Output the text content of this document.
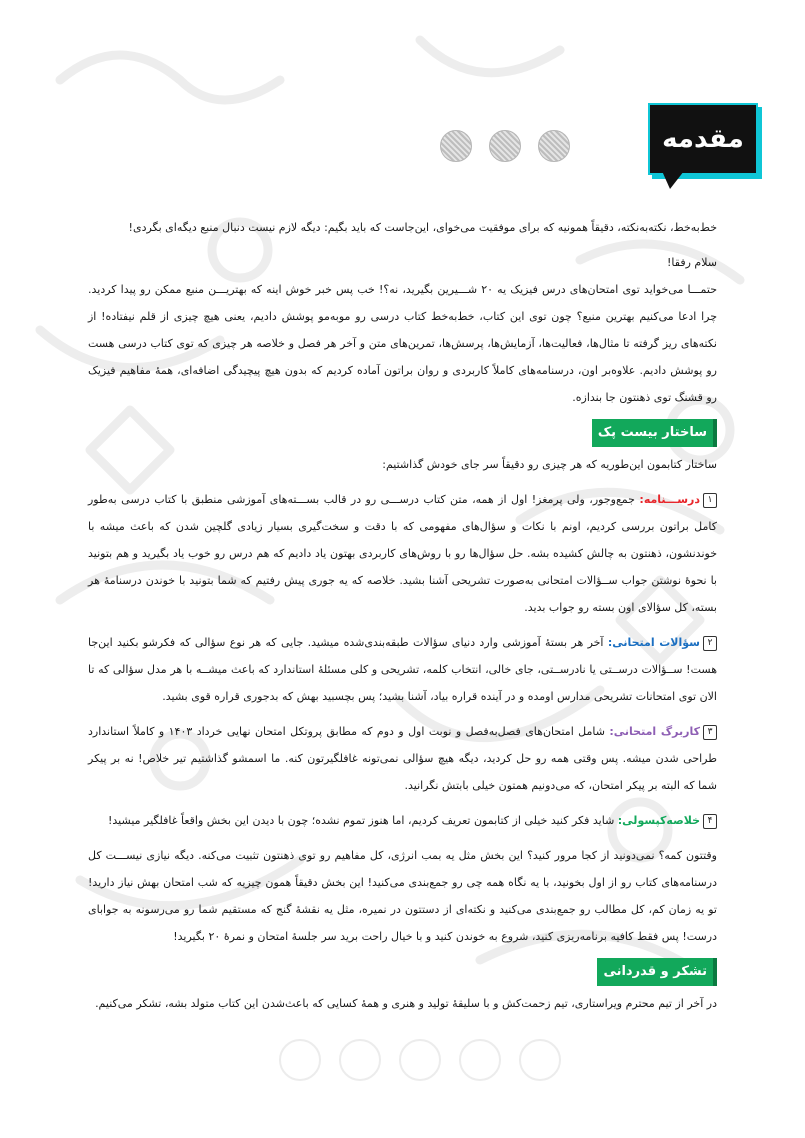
مقدمه

خط‌به‌خط، نکته‌به‌نکته، دقیقاً همونیه که برای موفقیت می‌خوای، این‌جاست که باید بگیم: دیگه لازم نیست دنبال منبع دیگه‌ای بگردی!

سلام رفقا!

حتمـــا می‌خواید توی امتحان‌های درس فیزیک یه ۲۰ شـــیرین بگیرید، نه؟! خب پس خبر خوش اینه که بهتریـــن منبع ممکن رو پیدا کردید. چرا ادعا می‌کنیم بهترین منبع؟ چون توی این کتاب، خط‌به‌خط کتاب درسی رو موبه‌مو پوشش دادیم، یعنی هیچ چیزی از قلم نیفتاده! از نکته‌های ریز گرفته تا مثال‌ها، فعالیت‌ها، آزمایش‌ها، پرسش‌ها، تمرین‌های متن و آخر هر فصل و خلاصه هر چیزی که توی کتاب درسی هست رو پوشش دادیم. علاوه‌بر اون، درسنامه‌های کاملاً کاربردی و روان براتون آماده کردیم که بدون هیچ پیچیدگی اضافه‌ای، همهٔ مفاهیم فیزیک رو قشنگ توی ذهنتون جا بندازه.

ساختار بیست پک

ساختار کتابمون این‌طوریه که هر چیزی رو دقیقاً سر جای خودش گذاشتیم:

۱درســـنامه: جمع‌وجور، ولی پرمغز! اول از همه، متن کتاب درســـی رو در قالب بســـته‌های آموزشی منطبق با کتاب درسی به‌طور کامل براتون بررسی کردیم، اونم با نکات و سؤال‌های مفهومی که با دقت و سخت‌گیری بسیار زیادی گلچین شدن که باعث میشه با خوندنشون، ذهنتون به چالش کشیده بشه. حل سؤال‌ها رو با روش‌های کاربردی بهتون یاد دادیم که هم درس رو خوب یاد بگیرید و هم بتونید با نحوهٔ نوشتن جواب ســؤالات امتحانی به‌صورت تشریحی آشنا بشید. خلاصه که یه جوری پیش رفتیم که شما بتونید با خوندن درسنامهٔ هر بسته، کل سؤالای اون بسته رو جواب بدید.

۲سؤالات امتحانی: آخر هر بستهٔ آموزشی وارد دنیای سؤالات طبقه‌بندی‌شده میشید. جایی که هر نوع سؤالی که فکرشو بکنید این‌جا هست! ســؤالات درســتی یا نادرســتی، جای خالی، انتخاب کلمه، تشریحی و کلی مسئلهٔ استاندارد که باعث میشــه با هر مدل سؤالی که تا الان توی امتحانات تشریحی مدارس اومده و در آینده قراره بیاد، آشنا بشید؛ پس بچسبید بهش که بدجوری قراره قوی بشید.

۳کاربرگ امتحانی: شامل امتحان‌های فصل‌به‌فصل و نوبت اول و دوم که مطابق پروتکل امتحان نهایی خرداد ۱۴۰۳ و کاملاً استاندارد طراحی شدن میشه. پس وقتی همه رو حل کردید، دیگه هیچ سؤالی نمی‌تونه غافلگیرتون کنه. ما اسمشو گذاشتیم تیر خلاص! نه بر پیکر شما که البته بر پیکر امتحان، که می‌دونیم همتون خیلی بابتش نگرانید.

۴خلاصه‌کپسولی: شاید فکر کنید خیلی از کتابمون تعریف کردیم، اما هنوز تموم نشده؛ چون با دیدن این بخش واقعاً غافلگیر میشید!

وقتتون کمه؟ نمی‌دونید از کجا مرور کنید؟ این بخش مثل یه بمب انرژی، کل مفاهیم رو توی ذهنتون تثبیت می‌کنه. دیگه نیازی نیســـت کل درسنامه‌های کتاب رو از اول بخونید، با یه نگاه همه چی رو جمع‌بندی می‌کنید! این بخش دقیقاً همون چیزیه که شب امتحان بهش نیاز دارید! تو یه زمان کم، کل مطالب رو جمع‌بندی می‌کنید و نکته‌ای از دستتون در نمیره، مثل یه نقشهٔ گنج که مستقیم شما رو می‌رسونه به جوابای درست! پس فقط کافیه برنامه‌ریزی کنید، شروع به خوندن کنید و با خیال راحت برید سر جلسهٔ امتحان و نمرهٔ ۲۰ بگیرید!

تشکر و قدردانی

در آخر از تیم محترم ویراستاری، تیم زحمت‌کش و با سلیقهٔ تولید و هنری و همهٔ کسایی که باعث‌شدن این کتاب متولد بشه، تشکر می‌کنیم.
